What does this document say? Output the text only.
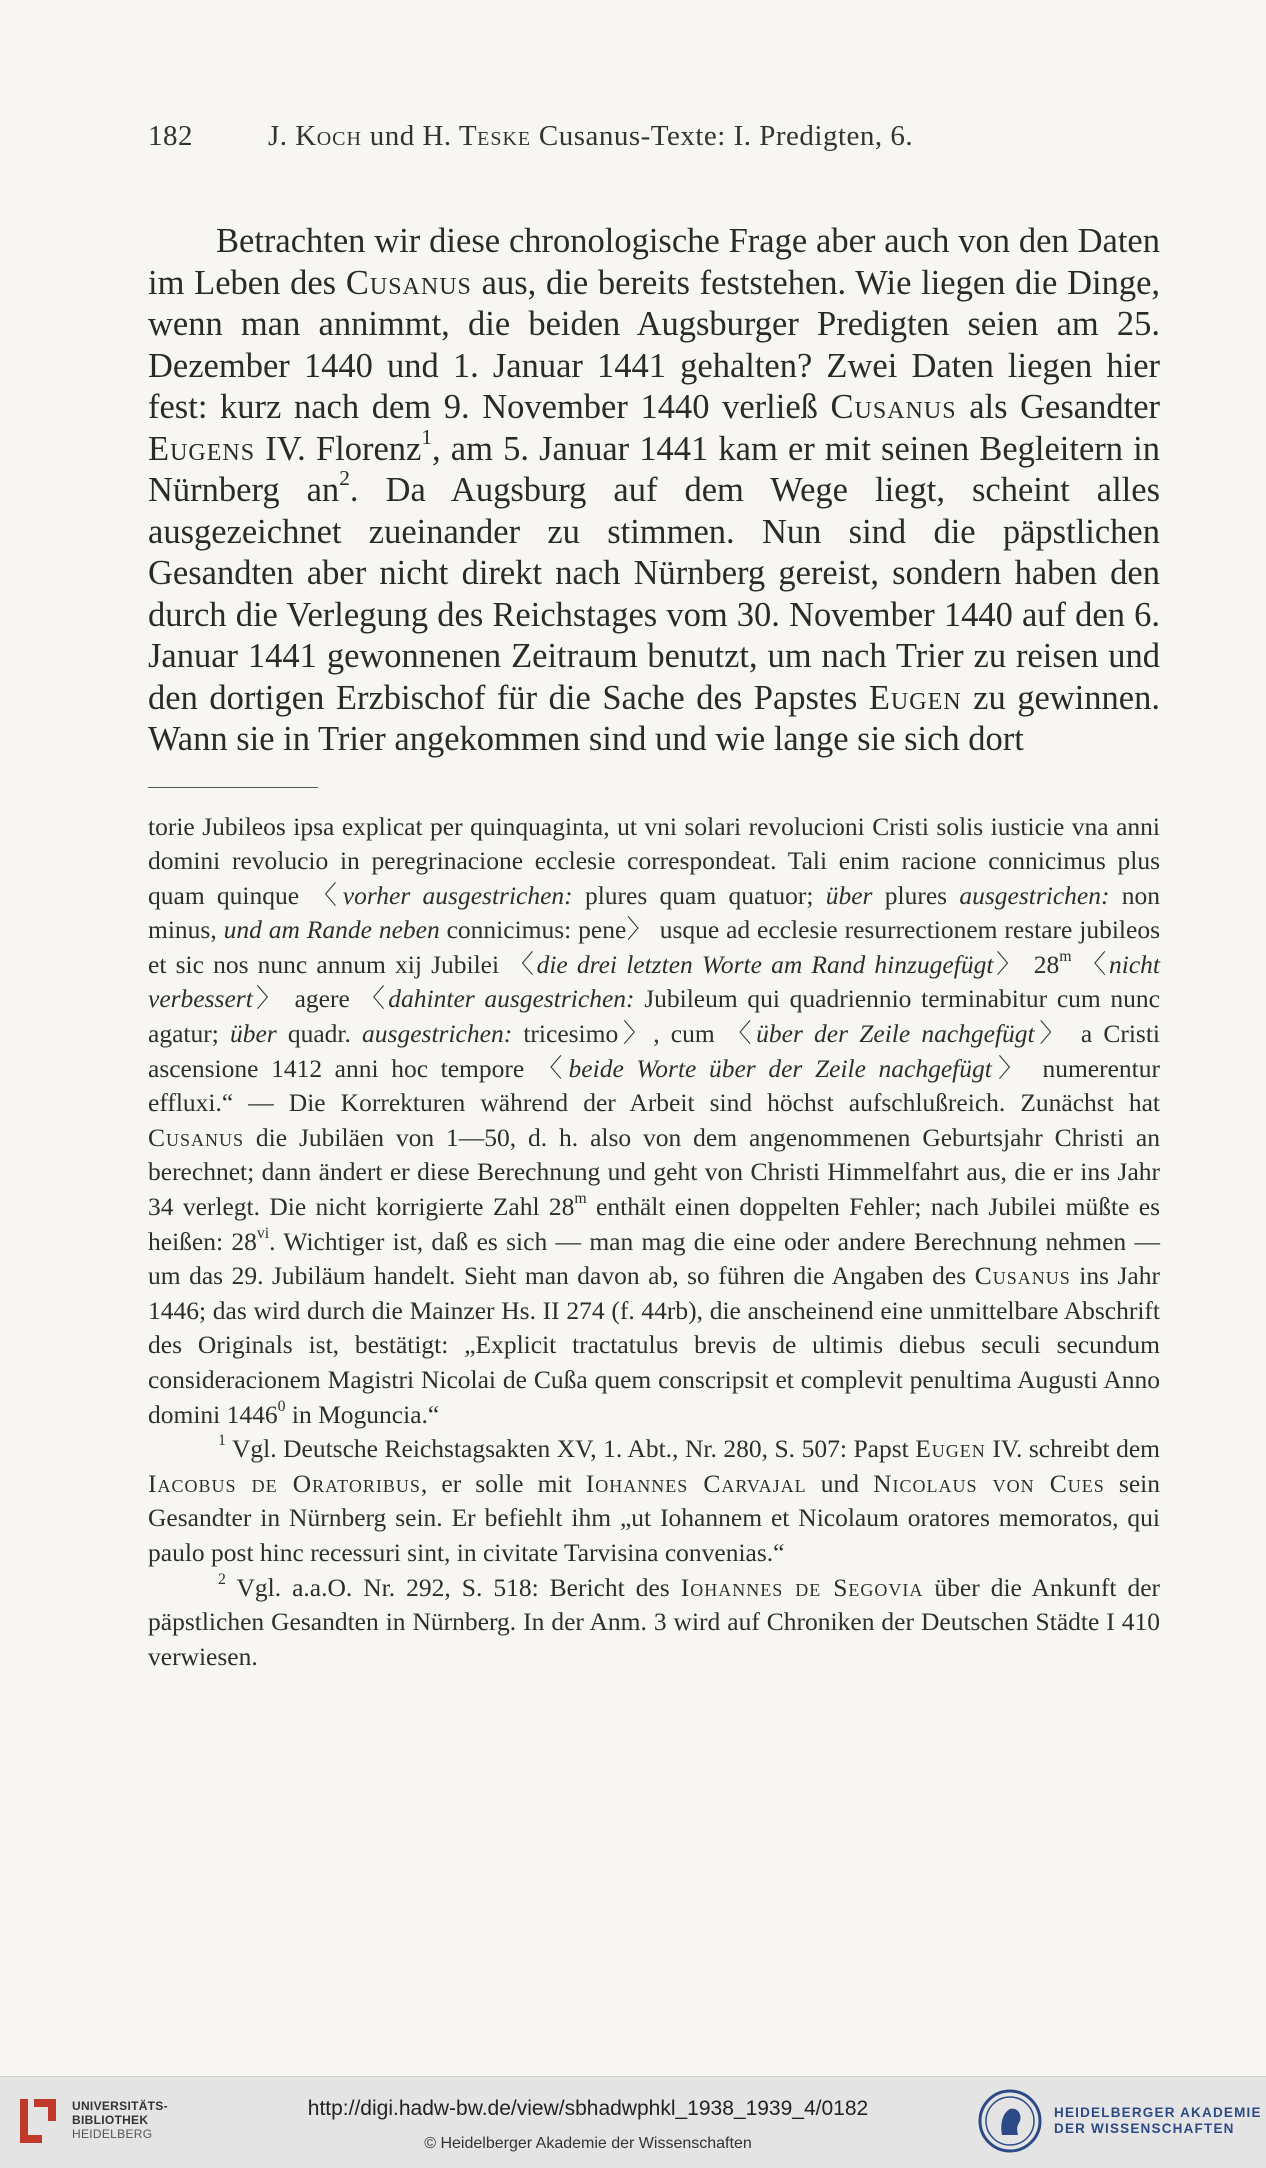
182	J. Koch und H. Teske Cusanus-Texte: I. Predigten, 6.

Betrachten wir diese chronologische Frage aber auch von den Daten im Leben des Cusanus aus, die bereits feststehen. Wie liegen die Dinge, wenn man annimmt, die beiden Augsburger Predigten seien am 25. Dezember 1440 und 1. Januar 1441 gehalten? Zwei Daten liegen hier fest: kurz nach dem 9. November 1440 verließ Cusanus als Gesandter Eugens IV. Florenz$^1$, am 5. Januar 1441 kam er mit seinen Begleitern in Nürnberg $an^2$. Da Augsburg auf dem Wege liegt, scheint alles ausgezeichnet zueinander zu stimmen. Nun sind die päpstlichen Gesandten aber nicht direkt nach Nürnberg gereist, sondern haben den durch die Verlegung des Reichstages vom 30. November 1440 auf den 6. Januar 1441 gewonnenen Zeitraum benutzt, um nach Trier zu reisen und den dortigen Erzbischof für die Sache des Papstes Eugen zu gewinnen. Wann sie in Trier angekommen sind und wie lange sie sich dort

torie Jubileos ipsa explicat per quinquaginta, ut vni solari revolucioni Cristi solis iusticie vna anni domini revolucio in peregrinacione ecclesie correspondeat. Tali enim racione connicimus plus quam quinque 〈vorher ausgestrichen: plures quam quatuor; über plures ausgestrichen: non minus, und am Rande neben connicimus: pene〉 usque ad ecclesie resurrectionem restare jubileos et sic nos nunc annum xij Jubilei 〈die drei letzten Worte am Rand hinzugefügt〉 28$^m$ 〈nicht verbessert〉 agere 〈dahinter ausgestrichen: Jubileum qui quadriennio terminabitur cum nunc agatur; über quadr. ausgestrichen: tricesimo〉, cum 〈über der Zeile nachgefügt〉 a Cristi ascensione 1412 anni hoc tempore 〈beide Worte über der Zeile nachgefügt〉 numerentur effluxi.“ — Die Korrekturen während der Arbeit sind höchst aufschlußreich. Zunächst hat Cusanus die Jubiläen von 1—50, d. h. also von dem angenommenen Geburtsjahr Christi an berechnet; dann ändert er diese Berechnung und geht von Christi Himmelfahrt aus, die er ins Jahr 34 verlegt. Die nicht korrigierte Zahl 28$^m$ enthält einen doppelten Fehler; nach Jubilei müßte es heißen: 28$^{vi}$. Wichtiger ist, daß es sich — man mag die eine oder andere Berechnung nehmen — um das 29. Jubiläum handelt. Sieht man davon ab, so führen die Angaben des Cusanus ins Jahr 1446; das wird durch die Mainzer Hs. II 274 (f. 44rb), die anscheinend eine unmittelbare Abschrift des Originals ist, bestätigt: „Explicit tractatulus brevis de ultimis diebus seculi secundum consideracionem Magistri Nicolai de Cußa quem conscripsit et complevit penultima Augusti Anno domini 1446$^0$ in Moguncia.“

$^1$ Vgl. Deutsche Reichstagsakten XV, 1. Abt., Nr. 280, S. 507: Papst Eugen IV. schreibt dem Iacobus de Oratoribus, er solle mit Iohannes Carvajal und Nicolaus von Cues sein Gesandter in Nürnberg sein. Er befiehlt ihm „ut Iohannem et Nicolaum oratores memoratos, qui paulo post hinc recessuri sint, in civitate Tarvisina convenias.“

$^2$ Vgl. a.a.O. Nr. 292, S. 518: Bericht des Iohannes de Segovia über die Ankunft der päpstlichen Gesandten in Nürnberg. In der Anm. 3 wird auf Chroniken der Deutschen Städte I 410 verwiesen.

UNIVERSITÄTS-
BIBLIOTHEK
HEIDELBERG
http://digi.hadw-bw.de/view/sbhadwphkl_1938_1939_4/0182
© Heidelberger Akademie der Wissenschaften
HEIDELBERGER AKADEMIE
DER WISSENSCHAFTEN
